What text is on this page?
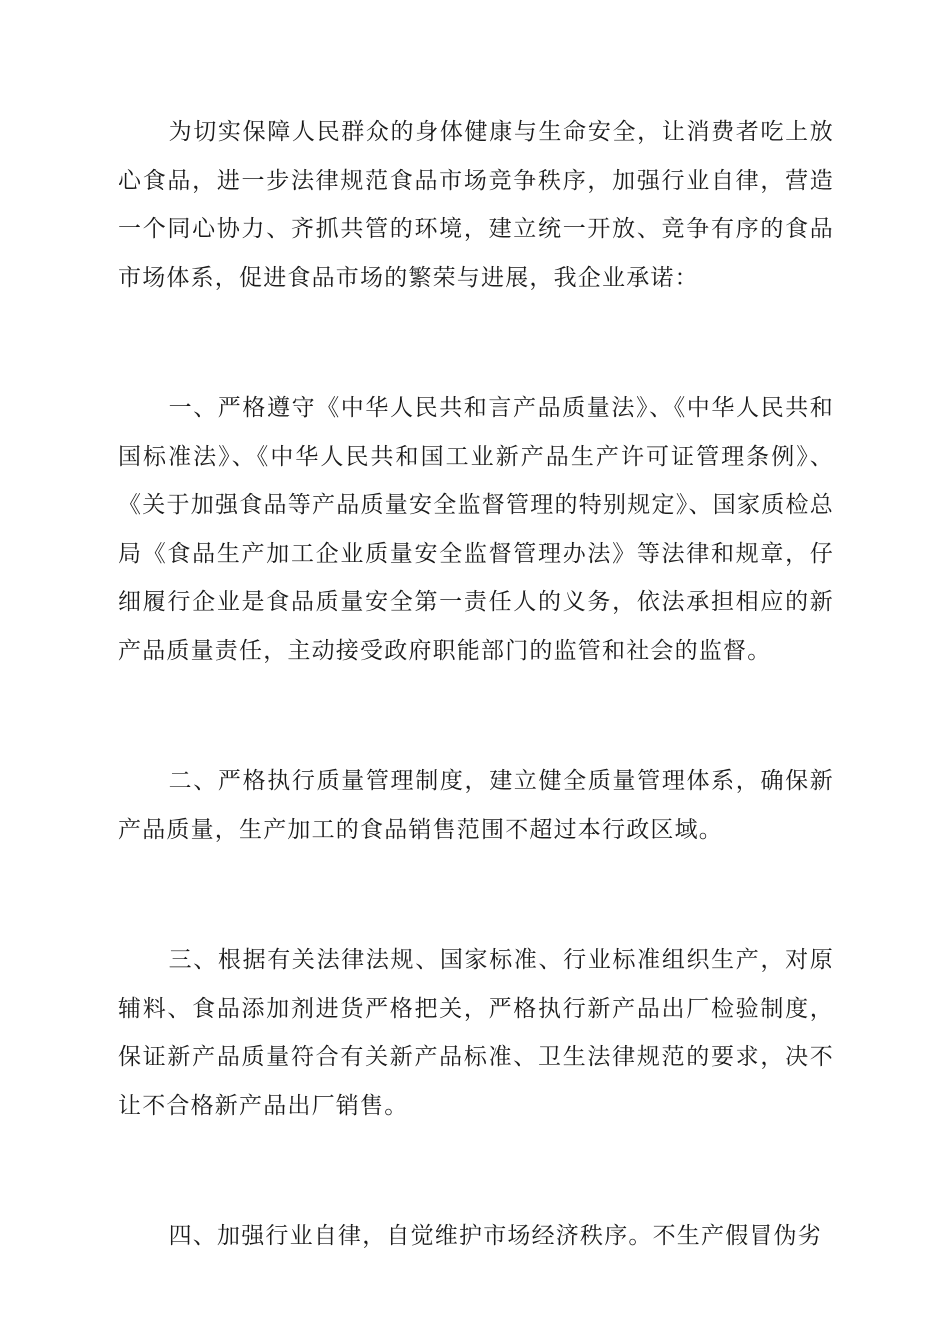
为切实保障人民群众的身体健康与生命安全，让消费者吃上放心食品，进一步法律规范食品市场竞争秩序，加强行业自律，营造一个同心协力、齐抓共管的环境，建立统一开放、竞争有序的食品市场体系，促进食品市场的繁荣与进展，我企业承诺：

一、严格遵守《中华人民共和言产品质量法》、《中华人民共和国标准法》、《中华人民共和国工业新产品生产许可证管理条例》、《关于加强食品等产品质量安全监督管理的特别规定》、国家质检总局《食品生产加工企业质量安全监督管理办法》等法律和规章，仔细履行企业是食品质量安全第一责任人的义务，依法承担相应的新产品质量责任，主动接受政府职能部门的监管和社会的监督。

二、严格执行质量管理制度，建立健全质量管理体系，确保新产品质量，生产加工的食品销售范围不超过本行政区域。

三、根据有关法律法规、国家标准、行业标准组织生产，对原辅料、食品添加剂进货严格把关，严格执行新产品出厂检验制度，保证新产品质量符合有关新产品标准、卫生法律规范的要求，决不让不合格新产品出厂销售。

四、加强行业自律，自觉维护市场经济秩序。不生产假冒伪劣
